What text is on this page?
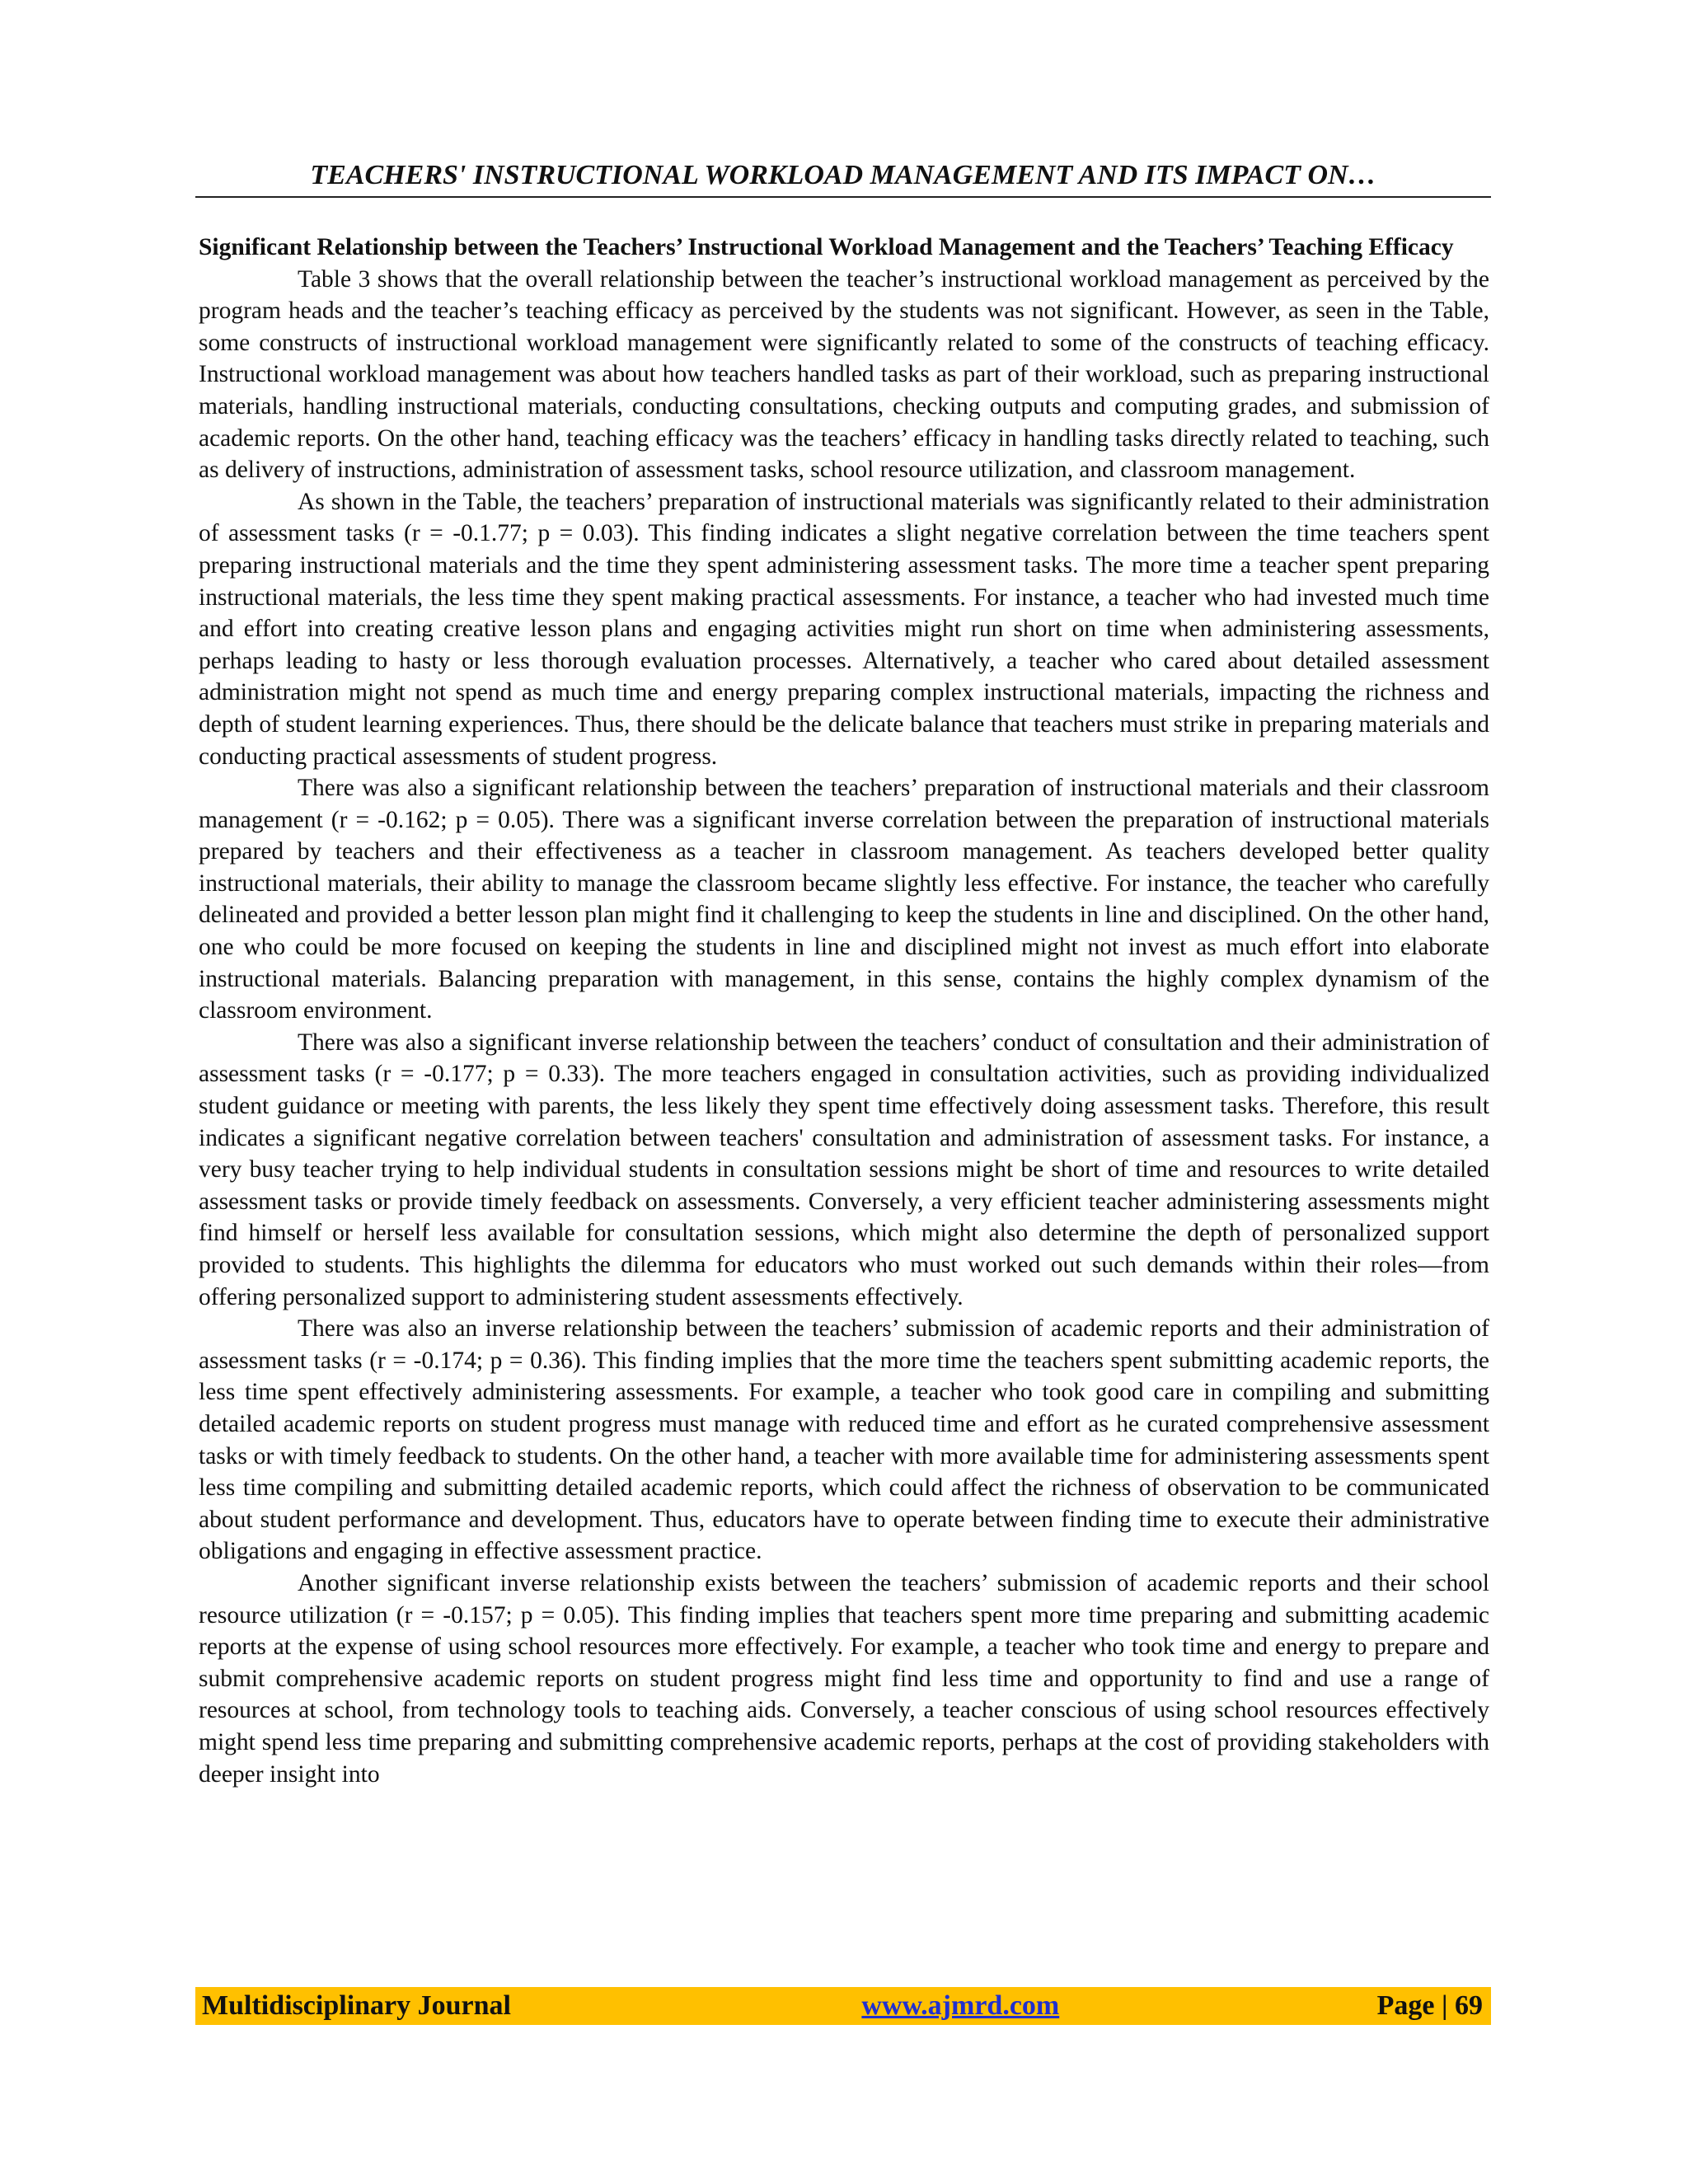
TEACHERS' INSTRUCTIONAL WORKLOAD MANAGEMENT AND ITS IMPACT ON…

Significant Relationship between the Teachers’ Instructional Workload Management and the Teachers’ Teaching Efficacy

Table 3 shows that the overall relationship between the teacher’s instructional workload management as perceived by the program heads and the teacher’s teaching efficacy as perceived by the students was not significant. However, as seen in the Table, some constructs of instructional workload management were significantly related to some of the constructs of teaching efficacy. Instructional workload management was about how teachers handled tasks as part of their workload, such as preparing instructional materials, handling instructional materials, conducting consultations, checking outputs and computing grades, and submission of academic reports. On the other hand, teaching efficacy was the teachers’ efficacy in handling tasks directly related to teaching, such as delivery of instructions, administration of assessment tasks, school resource utilization, and classroom management.

As shown in the Table, the teachers’ preparation of instructional materials was significantly related to their administration of assessment tasks (r = -0.1.77; p = 0.03). This finding indicates a slight negative correlation between the time teachers spent preparing instructional materials and the time they spent administering assessment tasks. The more time a teacher spent preparing instructional materials, the less time they spent making practical assessments. For instance, a teacher who had invested much time and effort into creating creative lesson plans and engaging activities might run short on time when administering assessments, perhaps leading to hasty or less thorough evaluation processes. Alternatively, a teacher who cared about detailed assessment administration might not spend as much time and energy preparing complex instructional materials, impacting the richness and depth of student learning experiences. Thus, there should be the delicate balance that teachers must strike in preparing materials and conducting practical assessments of student progress.

There was also a significant relationship between the teachers’ preparation of instructional materials and their classroom management (r = -0.162; p = 0.05). There was a significant inverse correlation between the preparation of instructional materials prepared by teachers and their effectiveness as a teacher in classroom management. As teachers developed better quality instructional materials, their ability to manage the classroom became slightly less effective. For instance, the teacher who carefully delineated and provided a better lesson plan might find it challenging to keep the students in line and disciplined. On the other hand, one who could be more focused on keeping the students in line and disciplined might not invest as much effort into elaborate instructional materials. Balancing preparation with management, in this sense, contains the highly complex dynamism of the classroom environment.

There was also a significant inverse relationship between the teachers’ conduct of consultation and their administration of assessment tasks (r = -0.177; p = 0.33). The more teachers engaged in consultation activities, such as providing individualized student guidance or meeting with parents, the less likely they spent time effectively doing assessment tasks. Therefore, this result indicates a significant negative correlation between teachers' consultation and administration of assessment tasks. For instance, a very busy teacher trying to help individual students in consultation sessions might be short of time and resources to write detailed assessment tasks or provide timely feedback on assessments. Conversely, a very efficient teacher administering assessments might find himself or herself less available for consultation sessions, which might also determine the depth of personalized support provided to students. This highlights the dilemma for educators who must worked out such demands within their roles—from offering personalized support to administering student assessments effectively.

There was also an inverse relationship between the teachers’ submission of academic reports and their administration of assessment tasks (r = -0.174; p = 0.36). This finding implies that the more time the teachers spent submitting academic reports, the less time spent effectively administering assessments. For example, a teacher who took good care in compiling and submitting detailed academic reports on student progress must manage with reduced time and effort as he curated comprehensive assessment tasks or with timely feedback to students. On the other hand, a teacher with more available time for administering assessments spent less time compiling and submitting detailed academic reports, which could affect the richness of observation to be communicated about student performance and development. Thus, educators have to operate between finding time to execute their administrative obligations and engaging in effective assessment practice.

Another significant inverse relationship exists between the teachers’ submission of academic reports and their school resource utilization (r = -0.157; p = 0.05). This finding implies that teachers spent more time preparing and submitting academic reports at the expense of using school resources more effectively. For example, a teacher who took time and energy to prepare and submit comprehensive academic reports on student progress might find less time and opportunity to find and use a range of resources at school, from technology tools to teaching aids. Conversely, a teacher conscious of using school resources effectively might spend less time preparing and submitting comprehensive academic reports, perhaps at the cost of providing stakeholders with deeper insight into

Multidisciplinary Journal	www.ajmrd.com	Page | 69
